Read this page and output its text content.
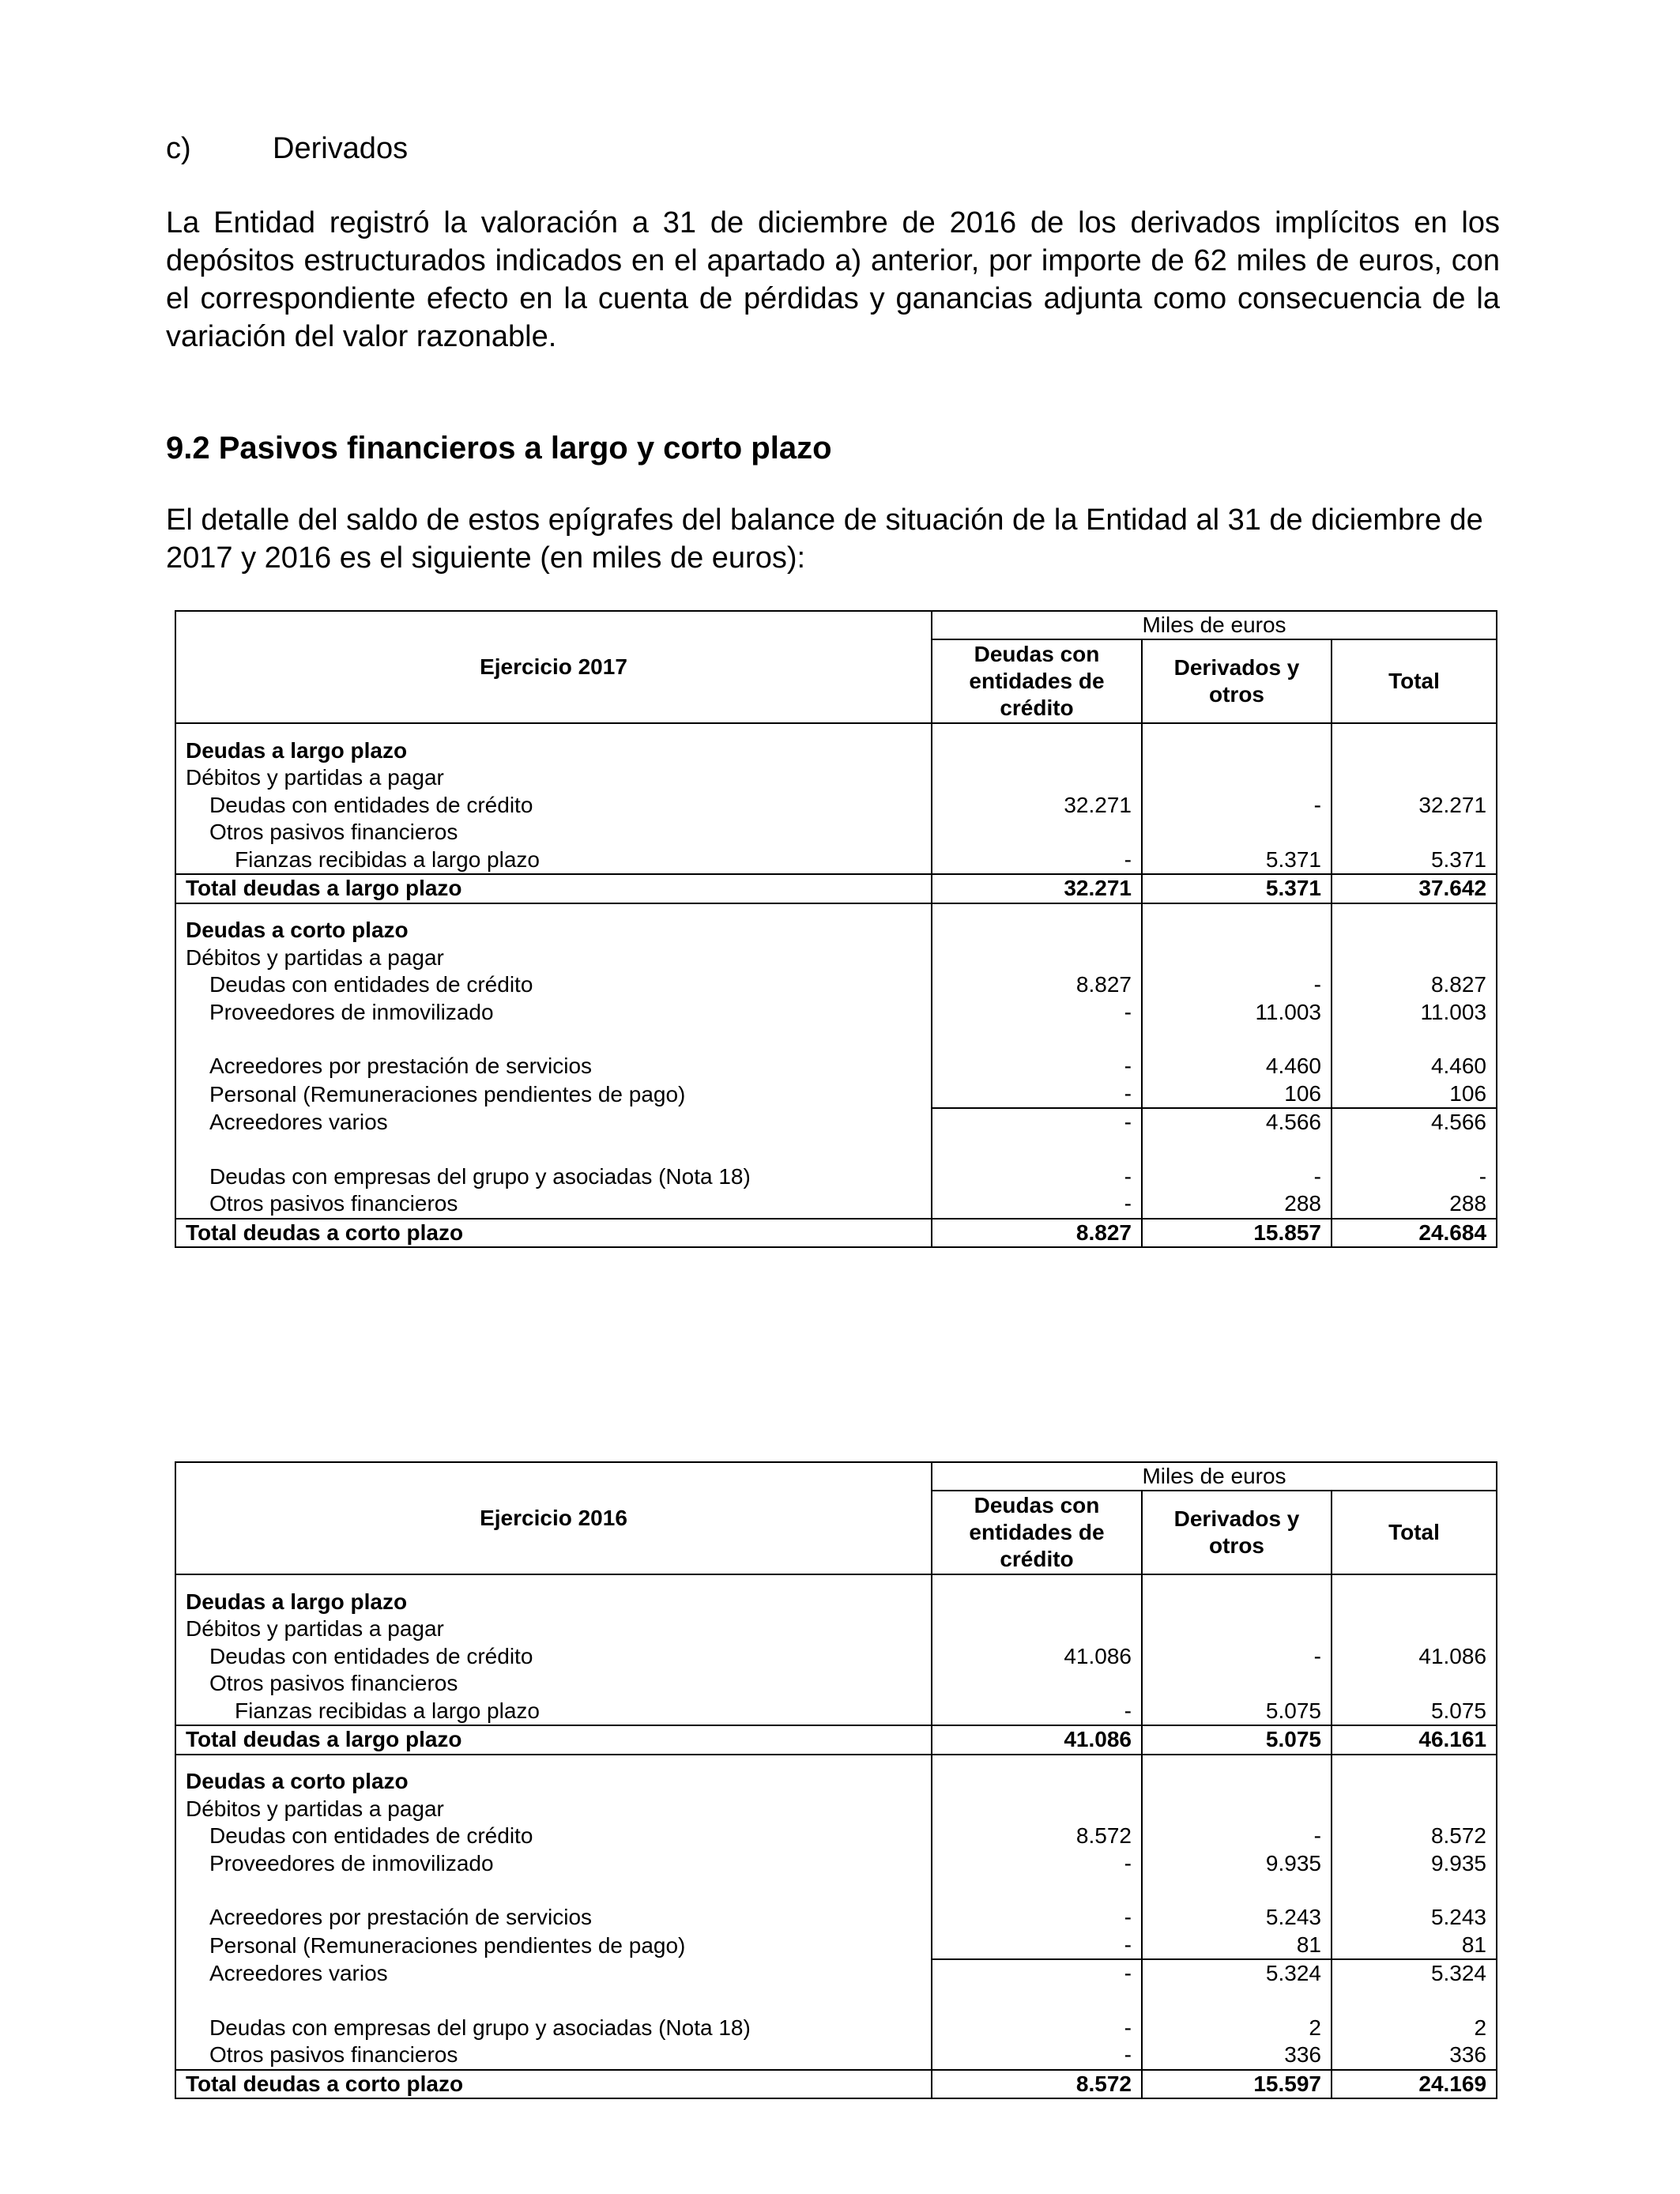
c)	Derivados

La Entidad registró la valoración a 31 de diciembre de 2016 de los derivados implícitos en los depósitos estructurados indicados en el apartado a) anterior, por importe de 62 miles de euros, con el correspondiente efecto en la cuenta de pérdidas y ganancias adjunta como consecuencia de la variación del valor razonable.

9.2 Pasivos financieros a largo y corto plazo

El detalle del saldo de estos epígrafes del balance de situación de la Entidad al 31 de diciembre de 2017 y 2016 es el siguiente (en miles de euros):

Ejercicio 2017	Miles de euros		
	Deudas con entidades de crédito	Derivados y otros	Total
Deudas a largo plazo			
Débitos y partidas a pagar			
Deudas con entidades de crédito	32.271	-	32.271
Otros pasivos financieros			
Fianzas recibidas a largo plazo	-	5.371	5.371
Total deudas a largo plazo	32.271	5.371	37.642
Deudas a corto plazo			
Débitos y partidas a pagar			
Deudas con entidades de crédito	8.827	-	8.827
Proveedores de inmovilizado	-	11.003	11.003

Acreedores por prestación de servicios	-	4.460	4.460
Personal (Remuneraciones pendientes de pago)	-	106	106
Acreedores varios	-	4.566	4.566

Deudas con empresas del grupo y asociadas (Nota 18)	-	-	-
Otros pasivos financieros	-	288	288
Total deudas a corto plazo	8.827	15.857	24.684
Ejercicio 2016	Miles de euros		
	Deudas con entidades de crédito	Derivados y otros	Total
Deudas a largo plazo			
Débitos y partidas a pagar			
Deudas con entidades de crédito	41.086	-	41.086
Otros pasivos financieros			
Fianzas recibidas a largo plazo	-	5.075	5.075
Total deudas a largo plazo	41.086	5.075	46.161
Deudas a corto plazo			
Débitos y partidas a pagar			
Deudas con entidades de crédito	8.572	-	8.572
Proveedores de inmovilizado	-	9.935	9.935

Acreedores por prestación de servicios	-	5.243	5.243
Personal (Remuneraciones pendientes de pago)	-	81	81
Acreedores varios	-	5.324	5.324

Deudas con empresas del grupo y asociadas (Nota 18)	-	2	2
Otros pasivos financieros	-	336	336
Total deudas a corto plazo	8.572	15.597	24.169
